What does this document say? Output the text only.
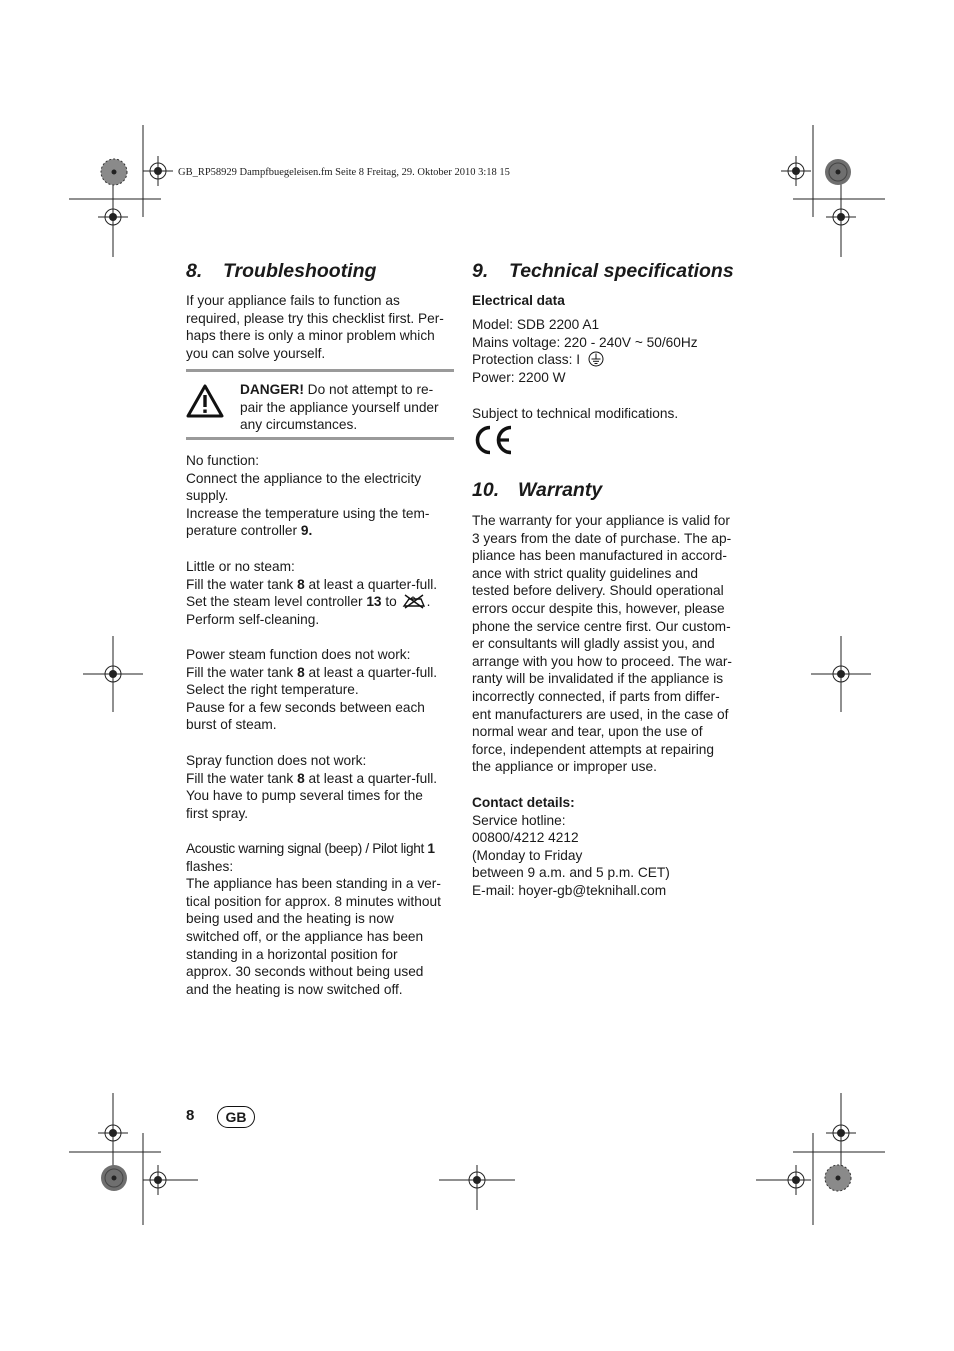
GB_RP58929 Dampfbuegeleisen.fm Seite 8 Freitag, 29. Oktober 2010 3:18 15
8. Troubleshooting

If your appliance fails to function as

required, please try this checklist first. Per-

haps there is only a minor problem which

you can solve yourself.

DANGER! Do not attempt to re-

pair the appliance yourself under

any circumstances.

No function:

Connect the appliance to the electricity

supply.

Increase the temperature using the tem-

perature controller 9.

Little or no steam:

Fill the water tank 8 at least a quarter-full.

Set the steam level controller 13 to .

Perform self-cleaning.

Power steam function does not work:

Fill the water tank 8 at least a quarter-full.

Select the right temperature.

Pause for a few seconds between each

burst of steam.

Spray function does not work:

Fill the water tank 8 at least a quarter-full.

You have to pump several times for the

first spray.

Acoustic warning signal (beep) / Pilot light 1

flashes:

The appliance has been standing in a ver-

tical position for approx. 8 minutes without

being used and the heating is now

switched off, or the appliance has been

standing in a horizontal position for

approx. 30 seconds without being used

and the heating is now switched off.

9. Technical specifications
Electrical data

Model: SDB 2200 A1

Mains voltage: 220 - 240V ~ 50/60Hz

Protection class: I

Power: 2200 W

Subject to technical modifications.
10. Warranty

The warranty for your appliance is valid for

3 years from the date of purchase. The ap-

pliance has been manufactured in accord-

ance with strict quality guidelines and

tested before delivery. Should operational

errors occur despite this, however, please

phone the service centre first. Our custom-

er consultants will gladly assist you, and

arrange with you how to proceed. The war-

ranty will be invalidated if the appliance is

incorrectly connected, if parts from differ-

ent manufacturers are used, in the case of

normal wear and tear, upon the use of

force, independent attempts at repairing

the appliance or improper use.

Contact details:

Service hotline:

00800/4212 4212

(Monday to Friday

between 9 a.m. and 5 p.m. CET)

E-mail: hoyer-gb@teknihall.com

8	GB
